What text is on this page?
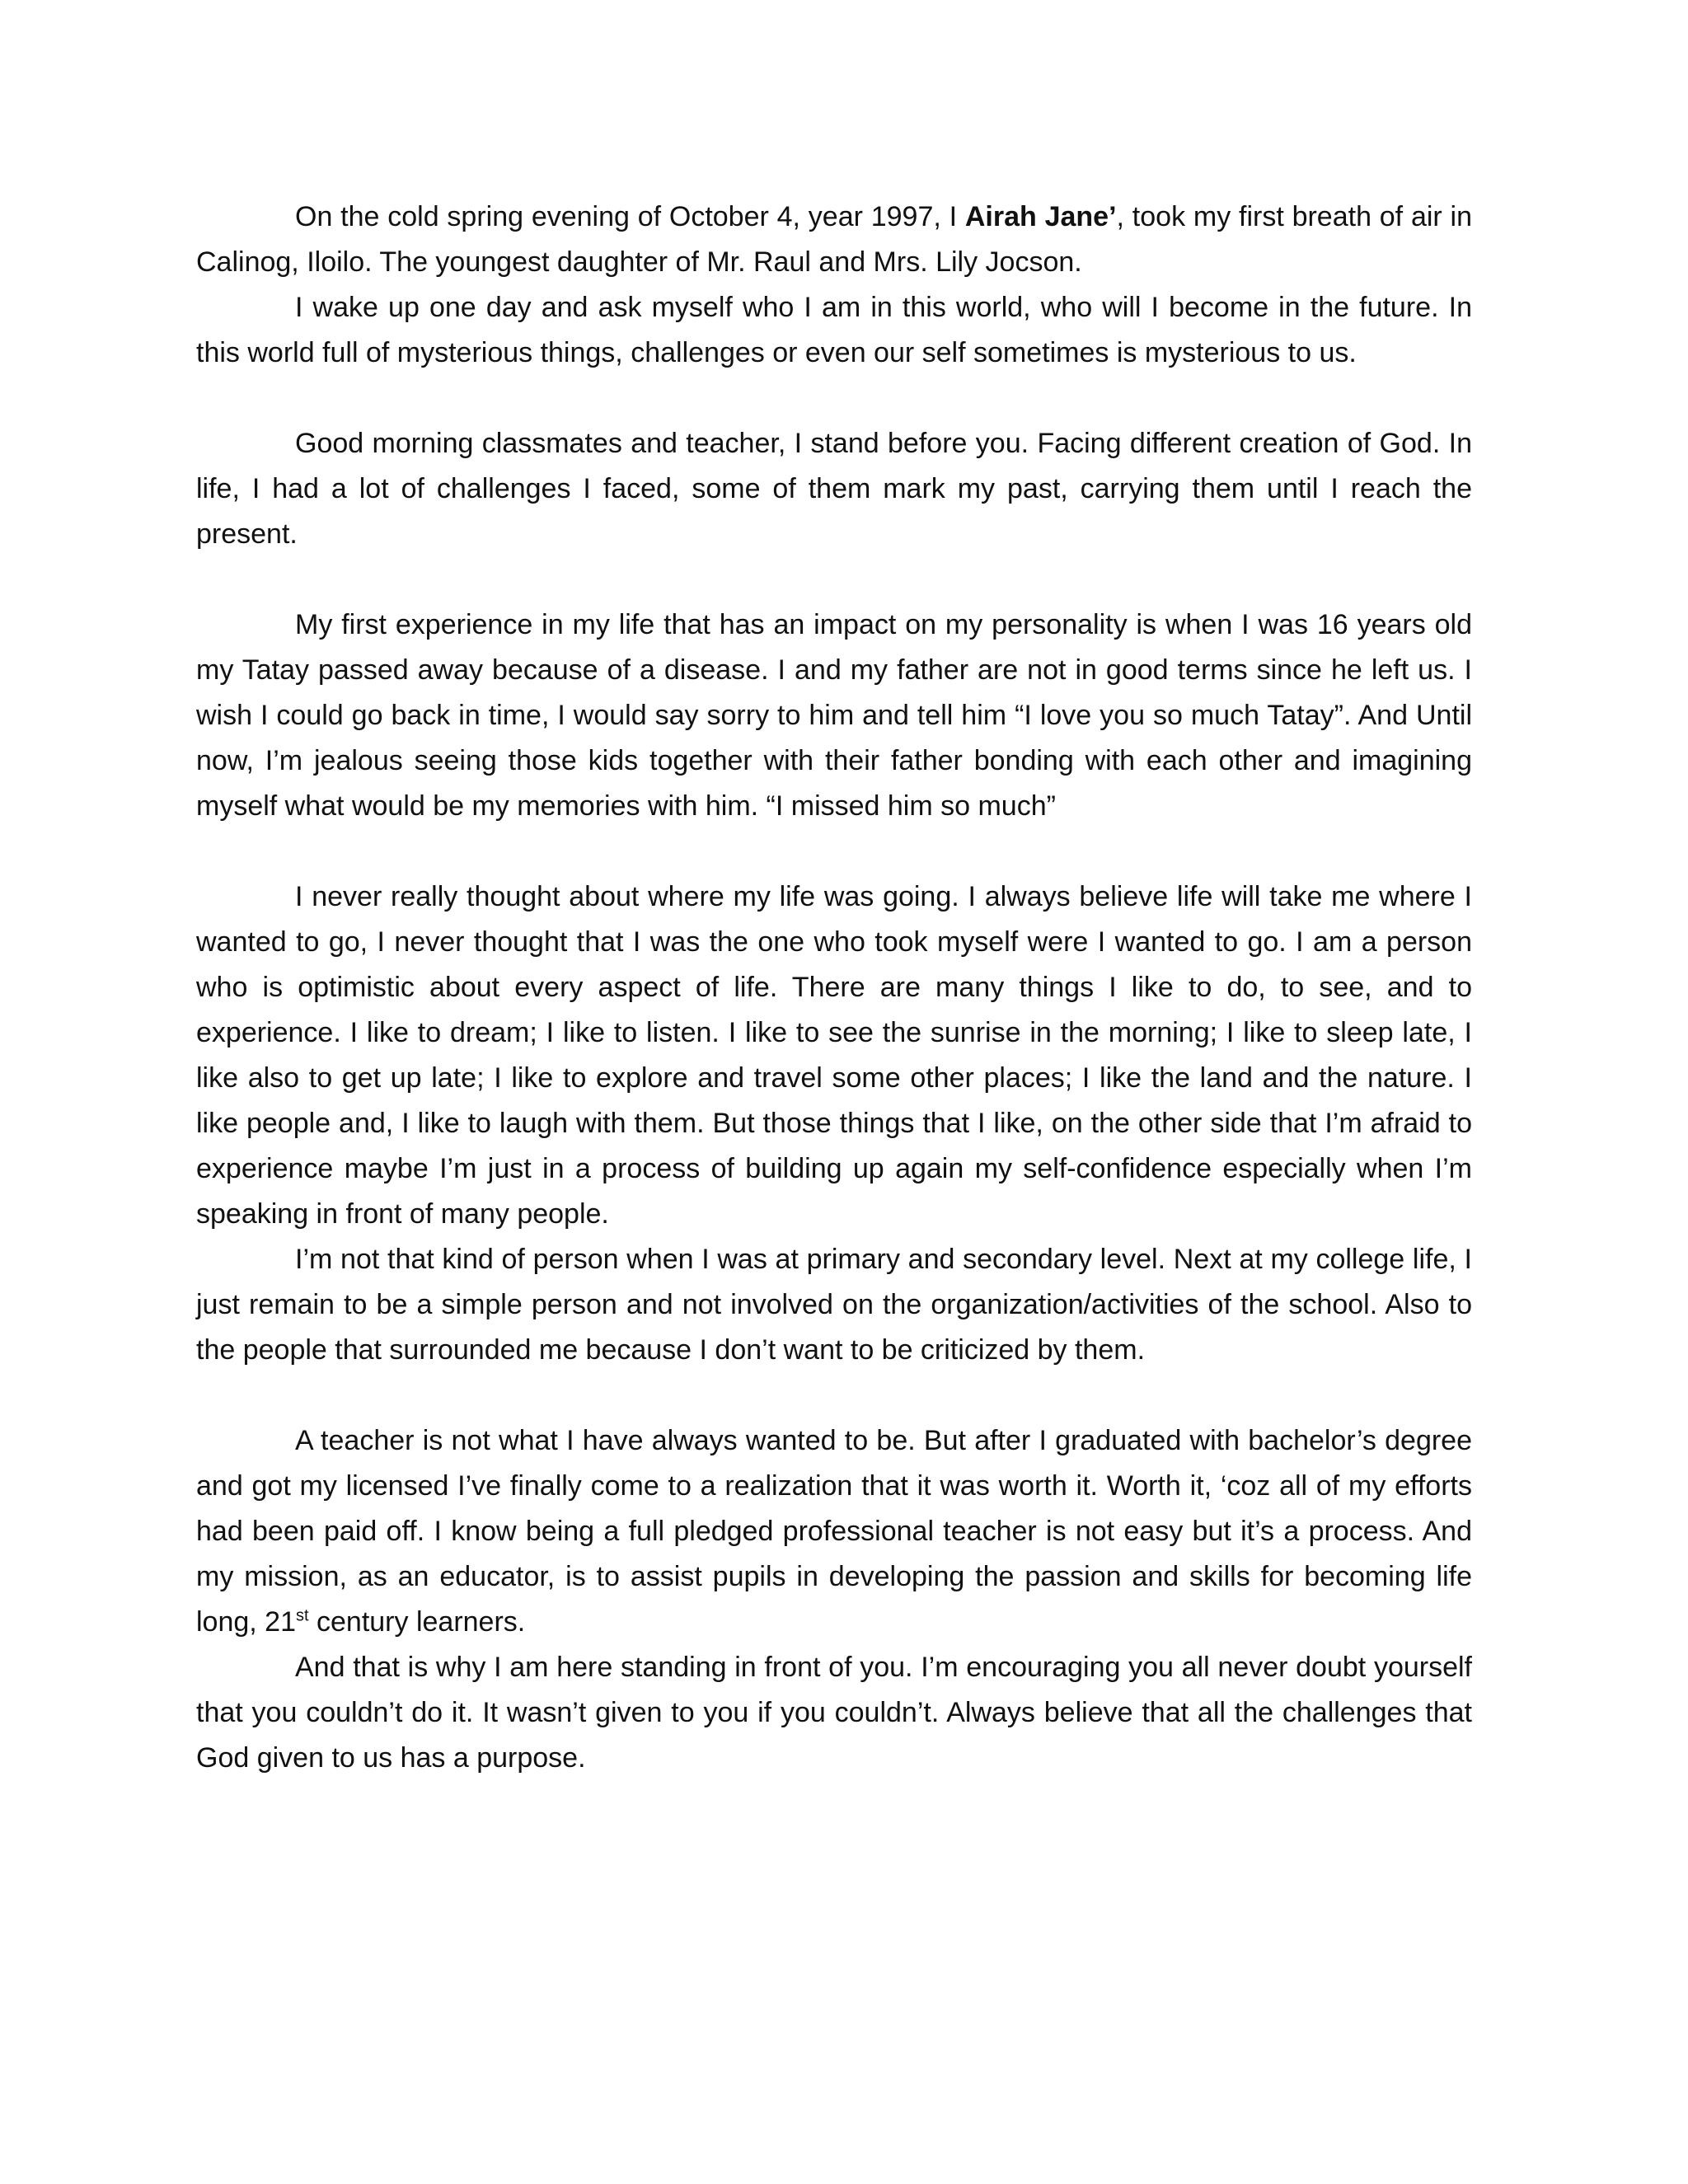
On the cold spring evening of October 4, year 1997, I Airah Jane’, took my first breath of air in Calinog, Iloilo. The youngest daughter of Mr. Raul and Mrs. Lily Jocson.

I wake up one day and ask myself who I am in this world, who will I become in the future. In this world full of mysterious things, challenges or even our self sometimes is mysterious to us.

Good morning classmates and teacher, I stand before you. Facing different creation of God. In life, I had a lot of challenges I faced, some of them mark my past, carrying them until I reach the present.

My first experience in my life that has an impact on my personality is when I was 16 years old my Tatay passed away because of a disease. I and my father are not in good terms since he left us. I wish I could go back in time, I would say sorry to him and tell him “I love you so much Tatay”. And Until now, I’m jealous seeing those kids together with their father bonding with each other and imagining myself what would be my memories with him. “I missed him so much”

I never really thought about where my life was going. I always believe life will take me where I wanted to go, I never thought that I was the one who took myself were I wanted to go. I am a person who is optimistic about every aspect of life. There are many things I like to do, to see, and to experience. I like to dream; I like to listen. I like to see the sunrise in the morning; I like to sleep late, I like also to get up late; I like to explore and travel some other places; I like the land and the nature. I like people and, I like to laugh with them. But those things that I like, on the other side that I’m afraid to experience maybe I’m just in a process of building up again my self-confidence especially when I’m speaking in front of many people.

I’m not that kind of person when I was at primary and secondary level. Next at my college life, I just remain to be a simple person and not involved on the organization/activities of the school. Also to the people that surrounded me because I don’t want to be criticized by them.

A teacher is not what I have always wanted to be. But after I graduated with bachelor’s degree and got my licensed I’ve finally come to a realization that it was worth it. Worth it, ‘coz all of my efforts had been paid off. I know being a full pledged professional teacher is not easy but it’s a process. And my mission, as an educator, is to assist pupils in developing the passion and skills for becoming life long, 21st century learners.

And that is why I am here standing in front of you. I’m encouraging you all never doubt yourself that you couldn’t do it. It wasn’t given to you if you couldn’t. Always believe that all the challenges that God given to us has a purpose.
